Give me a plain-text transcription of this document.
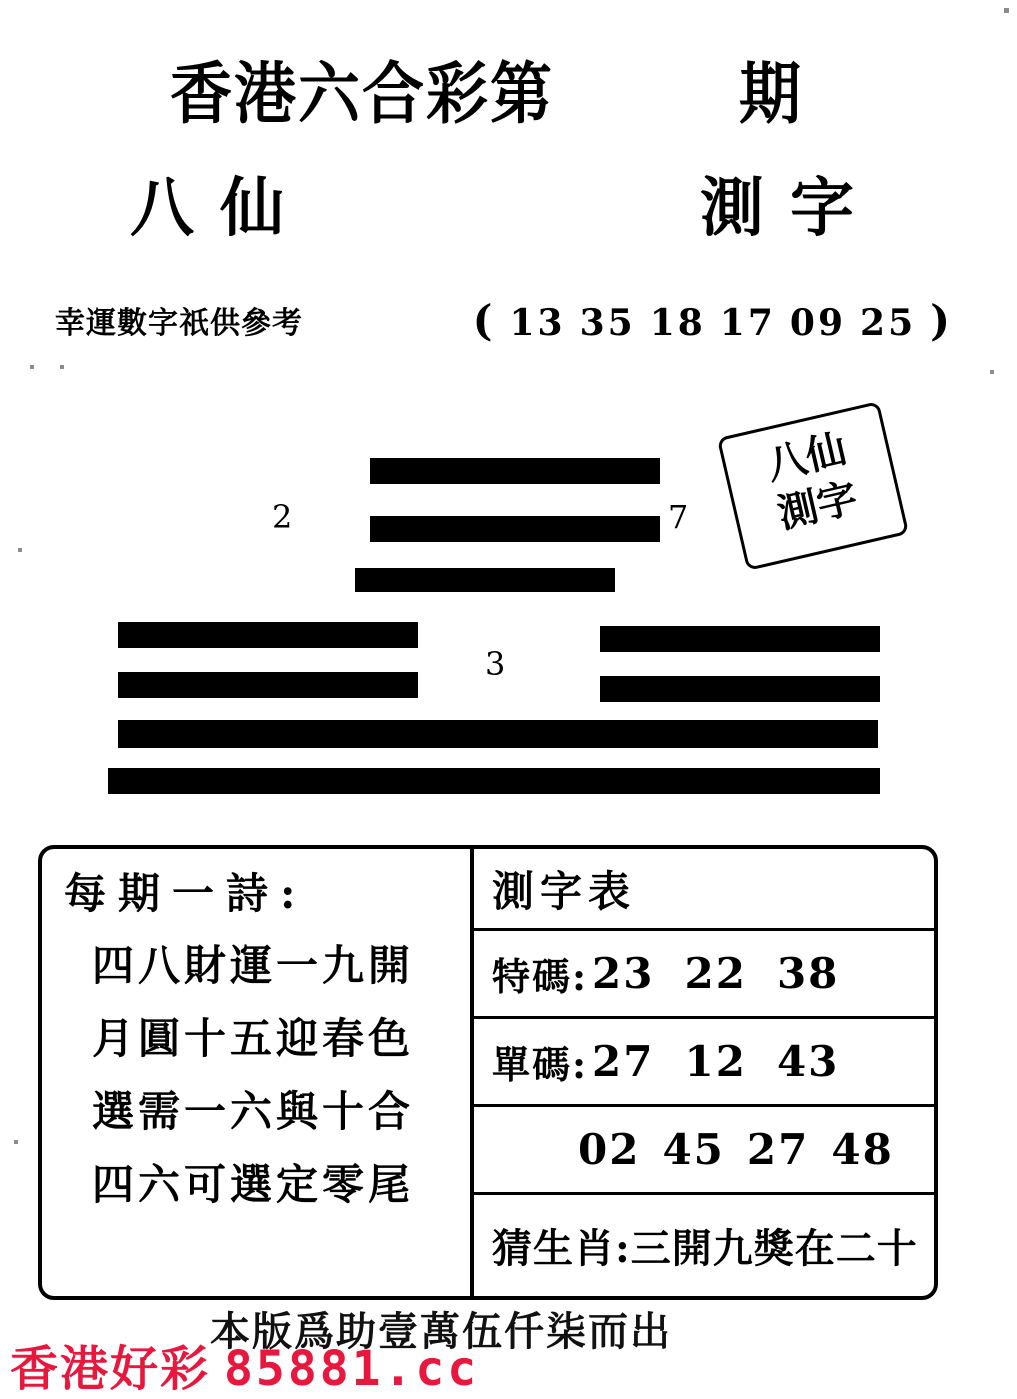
香港六合彩第	期
八仙	測字
幸運數字祇供參考	( 13 35 18 17 09 25 )
2	7
3
八仙
測字
每期一詩:
四八財運一九開
月圓十五迎春色
選需一六與十合
四六可選定零尾
測字表
特碼: 23 22 38
單碼: 27 12 43
02 45 27 48
猜生肖: 三開九獎在二十
本版爲助壹萬伍仟柒而出
香港好彩 85881.cc
